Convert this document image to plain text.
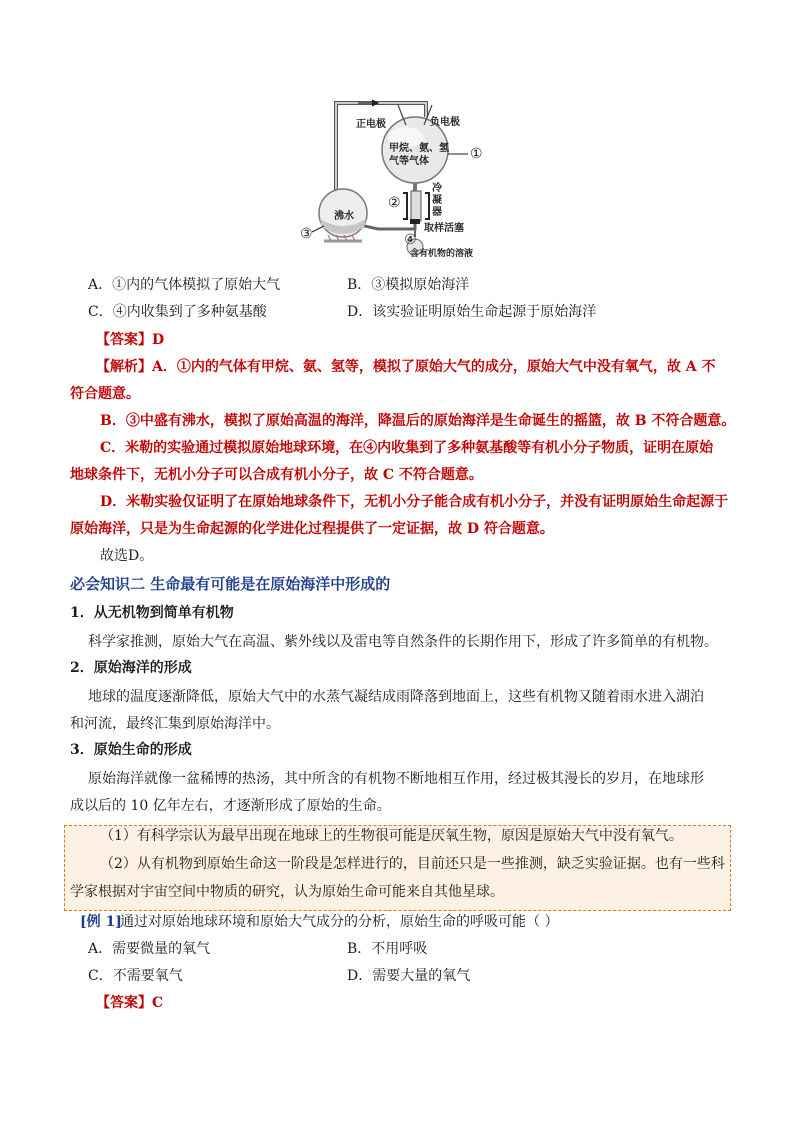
正电极	负电极
甲烷、氨、氢
气等气体	①
②
冷凝器
沸水
③	取样活塞
④
含有机物的溶液
A．①内的气体模拟了原始大气	B．③模拟原始海洋
C．④内收集到了多种氨基酸	D．该实验证明原始生命起源于原始海洋
【答案】D
【解析】A．①内的气体有甲烷、氨、氢等，模拟了原始大气的成分，原始大气中没有氧气，故 A 不
符合题意。
B．③中盛有沸水，模拟了原始高温的海洋，降温后的原始海洋是生命诞生的摇篮，故 B 不符合题意。
C．米勒的实验通过模拟原始地球环境，在④内收集到了多种氨基酸等有机小分子物质，证明在原始
地球条件下，无机小分子可以合成有机小分子，故 C 不符合题意。
D．米勒实验仅证明了在原始地球条件下，无机小分子能合成有机小分子，并没有证明原始生命起源于
原始海洋，只是为生命起源的化学进化过程提供了一定证据，故 D 符合题意。
故选D。
必会知识二 生命最有可能是在原始海洋中形成的
1．从无机物到简单有机物
科学家推测，原始大气在高温、紫外线以及雷电等自然条件的长期作用下，形成了许多简单的有机物。
2．原始海洋的形成
地球的温度逐渐降低，原始大气中的水蒸气凝结成雨降落到地面上，这些有机物又随着雨水进入湖泊
和河流，最终汇集到原始海洋中。
3．原始生命的形成
原始海洋就像一盆稀博的热汤，其中所含的有机物不断地相互作用，经过极其漫长的岁月，在地球形
成以后的 10 亿年左右，才逐渐形成了原始的生命。
（1）有科学宗认为最早出现在地球上的生物很可能是厌氧生物，原因是原始大气中没有氧气。
（2）从有机物到原始生命这一阶段是怎样进行的，目前还只是一些推测，缺乏实验证据。也有一些科
学家根据对宇宙空间中物质的研究，认为原始生命可能来自其他星球。
[例 1]
通过对原始地球环境和原始大气成分的分析，原始生命的呼吸可能（ ）
A．需要微量的氧气	B．不用呼吸
C．不需要氧气	D．需要大量的氧气
【答案】C
